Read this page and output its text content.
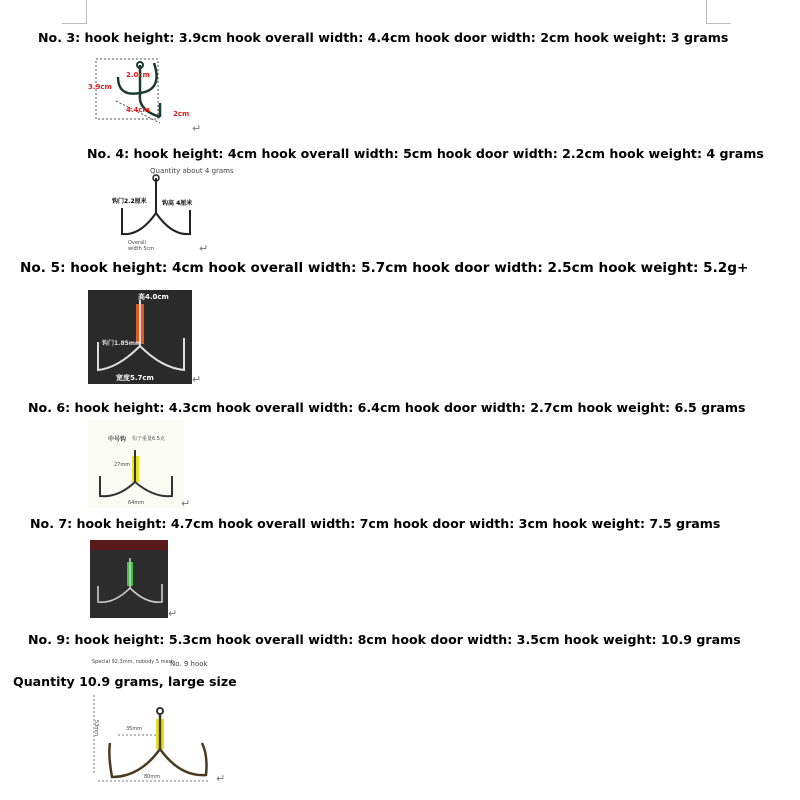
No. 3: hook height: 3.9cm hook overall width: 4.4cm hook door width: 2cm hook weight: 3 grams
2.0cm
3.9cm
4.4cm	2cm
↵
No. 4: hook height: 4cm hook overall width: 5cm hook door width: 2.2cm hook weight: 4 grams
钩门2.2厘米	钩高 4厘米
Overall width 5cm
Quantity about 4 grams
↵
No. 5: hook height: 4cm hook overall width: 5.7cm hook door width: 2.5cm hook weight: 5.2g+
高4.0cm
钩门1.85mm
宽度5.7cm	↵
No. 6: hook height: 4.3cm hook overall width: 6.4cm hook door width: 2.7cm hook weight: 6.5 grams
中号钩 钩子重量6.5克
27mm
64mm	↵
No. 7: hook height: 4.7cm hook overall width: 7cm hook door width: 3cm hook weight: 7.5 grams
↵
No. 9: hook height: 5.3cm hook overall width: 8cm hook door width: 3.5cm hook weight: 10.9 grams
Special 92.3mm, nobody 5 mesh
No. 9 hook
35mm
80mm
53mm
Quantity 10.9 grams, large size
↵
